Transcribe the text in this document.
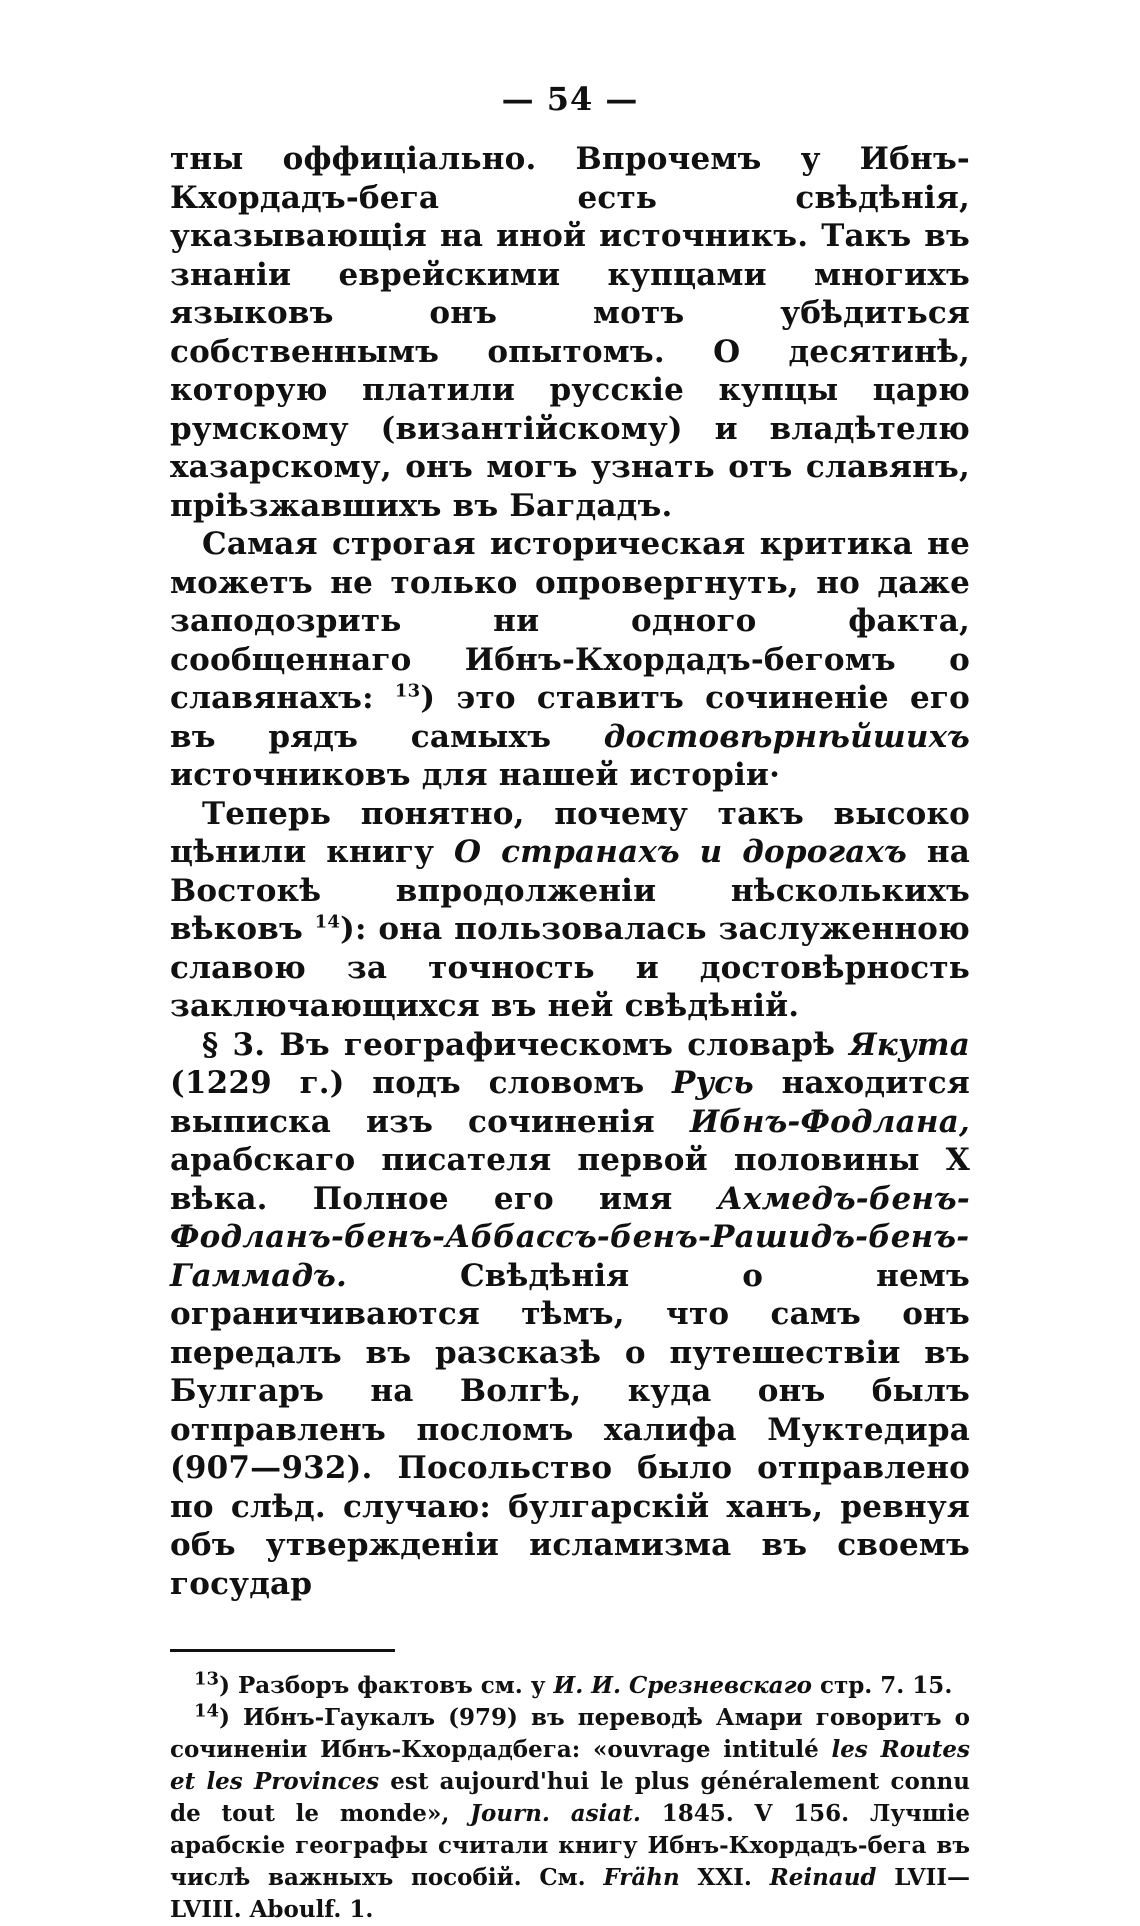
— 54 —

тны оффиціально. Впрочемъ у Ибнъ-Кхордадъ-бега есть свѣдѣнія, указывающія на иной источникъ. Такъ въ знаніи еврейскими купцами многихъ языковъ онъ мотъ убѣдиться собственнымъ опытомъ. О десятинѣ, которую платили русскіе купцы царю румскому (византійскому) и владѣтелю хазарскому, онъ могъ узнать отъ славянъ, пріѣзжавшихъ въ Багдадъ.

Самая строгая историческая критика не можетъ не только опровергнуть, но даже заподозрить ни одного факта, сообщеннаго Ибнъ-Кхордадъ-бегомъ о славянахъ: $^{13}$) это ставитъ сочиненіе его въ рядъ самыхъ достовѣрнѣйшихъ источниковъ для нашей исторіи·

Теперь понятно, почему такъ высоко цѣнили книгу О странахъ и дорогахъ на Востокѣ впродолженіи нѣсколькихъ вѣковъ $^{14}$): она пользовалась заслуженною славою за точность и достовѣрность заключающихся въ ней свѣдѣній.

§ 3. Въ географическомъ словарѣ Якута (1229 г.) подъ словомъ Русь находится выписка изъ сочиненія Ибнъ-Фодлана, арабскаго писателя первой половины X вѣка. Полное его имя Ахмедъ-бенъ-Фодланъ-бенъ-Аббассъ-бенъ-Рашидъ-бенъ-Гаммадъ.	Свѣдѣнія о немъ ограничиваются тѣмъ, что самъ онъ передалъ въ разсказѣ о путешествіи въ Булгаръ на Волгѣ, куда онъ былъ отправленъ посломъ халифа Муктедира (907—932). Посольство было отправлено по слѣд. случаю: булгарскій ханъ, ревнуя объ утвержденіи исламизма въ своемъ государ

$^{13}$) Разборъ фактовъ см. у И. И. Срезневскаго стр. 7. 15.

$^{14}$) Ибнъ-Гаукалъ (979) въ переводѣ Амари говоритъ о сочиненіи Ибнъ-Кхордадбега: «ouvrage intitulé les Routes et les Provinces est aujourd'hui le plus généralement connu de tout le monde», Journ. asiat. 1845. V 156. Лучшіе арабскіе географы считали книгу Ибнъ-Кхордадъ-бега въ числѣ важныхъ пособій. См. Frähn XXI. Reinaud LVII—LVIII. Aboulf. 1.
